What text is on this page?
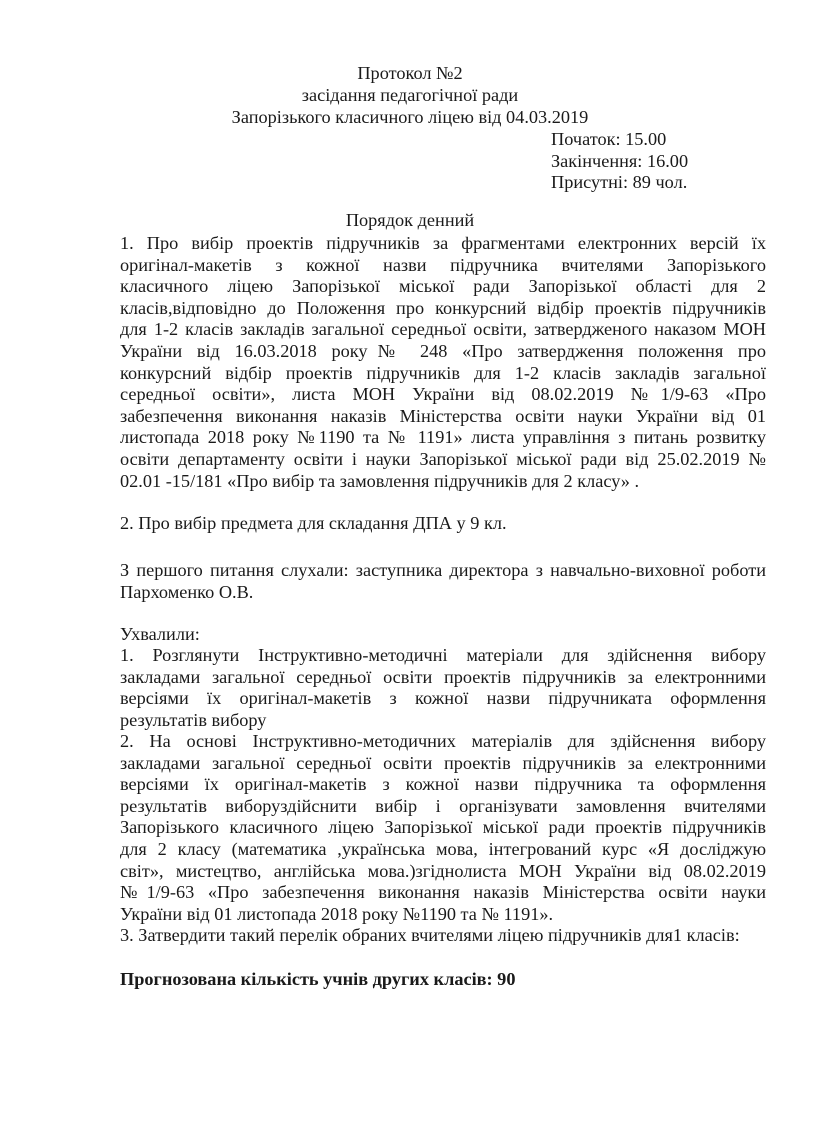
Протокол №2
засідання педагогічної ради
Запорізького класичного ліцею від 04.03.2019
Початок: 15.00
Закінчення: 16.00
Присутні: 89 чол.
Порядок денний
1. Про вибір проектів підручників за фрагментами електронних версій їх
оригінал-макетів з кожної назви підручника вчителями Запорізького
класичного ліцею Запорізької міської ради Запорізької області для 2
класів,відповідно до Положення про конкурсний відбір проектів підручників
для 1-2 класів закладів загальної середньої освіти, затвердженого наказом МОН
України від 16.03.2018 року№ 248 «Про затвердження положення про
конкурсний відбір проектів підручників для 1-2 класів закладів загальної
середньої освіти», листа МОН України від 08.02.2019 №1/9-63 «Про
забезпечення виконання наказів Міністерства освіти науки України від 01
листопада 2018 року №1190 та № 1191» листа управління з питань розвитку
освіти департаменту освіти і науки Запорізької міської ради від 25.02.2019 №
02.01 -15/181 «Про вибір та замовлення підручників для 2 класу» .
2. Про вибір предмета для складання ДПА у 9 кл.
З першого питання слухали: заступника директора з навчально-виховної роботи
Пархоменко О.В.
Ухвалили:
1. Розглянути Інструктивно-методичні матеріали для здійснення вибору
закладами загальної середньої освіти проектів підручників за електронними
версіями їх оригінал-макетів з кожної назви підручниката оформлення
результатів вибору
2. На основі Інструктивно-методичних матеріалів для здійснення вибору
закладами загальної середньої освіти проектів підручників за електронними
версіями їх оригінал-макетів з кожної назви підручника та оформлення
результатів виборуздійснити вибір і організувати замовлення вчителями
Запорізького класичного ліцею Запорізької міської ради проектів підручників
для 2 класу (математика ,українська мова, інтегрований курс «Я досліджую
світ», мистецтво, англійська мова.)згіднолиста МОН України від 08.02.2019
№1/9-63 «Про забезпечення виконання наказів Міністерства освіти науки
України від 01 листопада 2018 року №1190 та № 1191».
3. Затвердити такий перелік обраних вчителями ліцею підручників для1 класів:
Прогнозована кількість учнів других класів: 90
